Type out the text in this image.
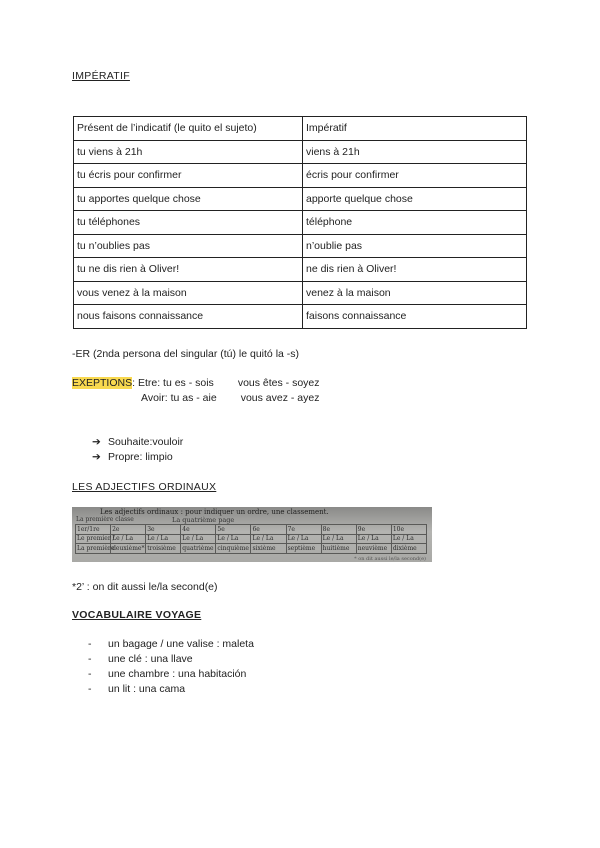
IMPÉRATIF
Présent de l’indicatif (le quito el sujeto)	Impératif
tu viens à 21h	viens à 21h
tu écris pour confirmer	écris pour confirmer
tu apportes quelque chose	apporte quelque chose
tu téléphones	téléphone
tu n’oublies pas	n’oublie pas
tu ne dis rien à Oliver!	ne dis rien à Oliver!
vous venez à la maison	venez à la maison
nous faisons connaissance	faisons connaissance
-ER (2nda persona del singular (tú) le quitó la -s)
EXEPTIONS: Etre: tu es - sois vous êtes - soyez
Avoir: tu as - aie vous avez - ayez
➔ Souhaite:vouloir
➔ Propre: limpio
LES ADJECTIFS ORDINAUX
Les adjectifs ordinaux : pour indiquer un ordre, une classement.
La première classe	La quatrième page
1er/1re	2e	3e	4e	5e	6e	7e	8e	9e	10e
Le premier /	Le / La	Le / La	Le / La	Le / La	Le / La	Le / La	Le / La	Le / La	Le / La
La première	deuxième*	troisième	quatrième	cinquième	sixième	septième	huitième	neuvième	dixième
* on dit aussi le/la second(e)
*2’ : on dit aussi le/la second(e)
VOCABULAIRE VOYAGE
- un bagage / une valise : maleta
- une clé : una llave
- une chambre : una habitación
- un lit : una cama
